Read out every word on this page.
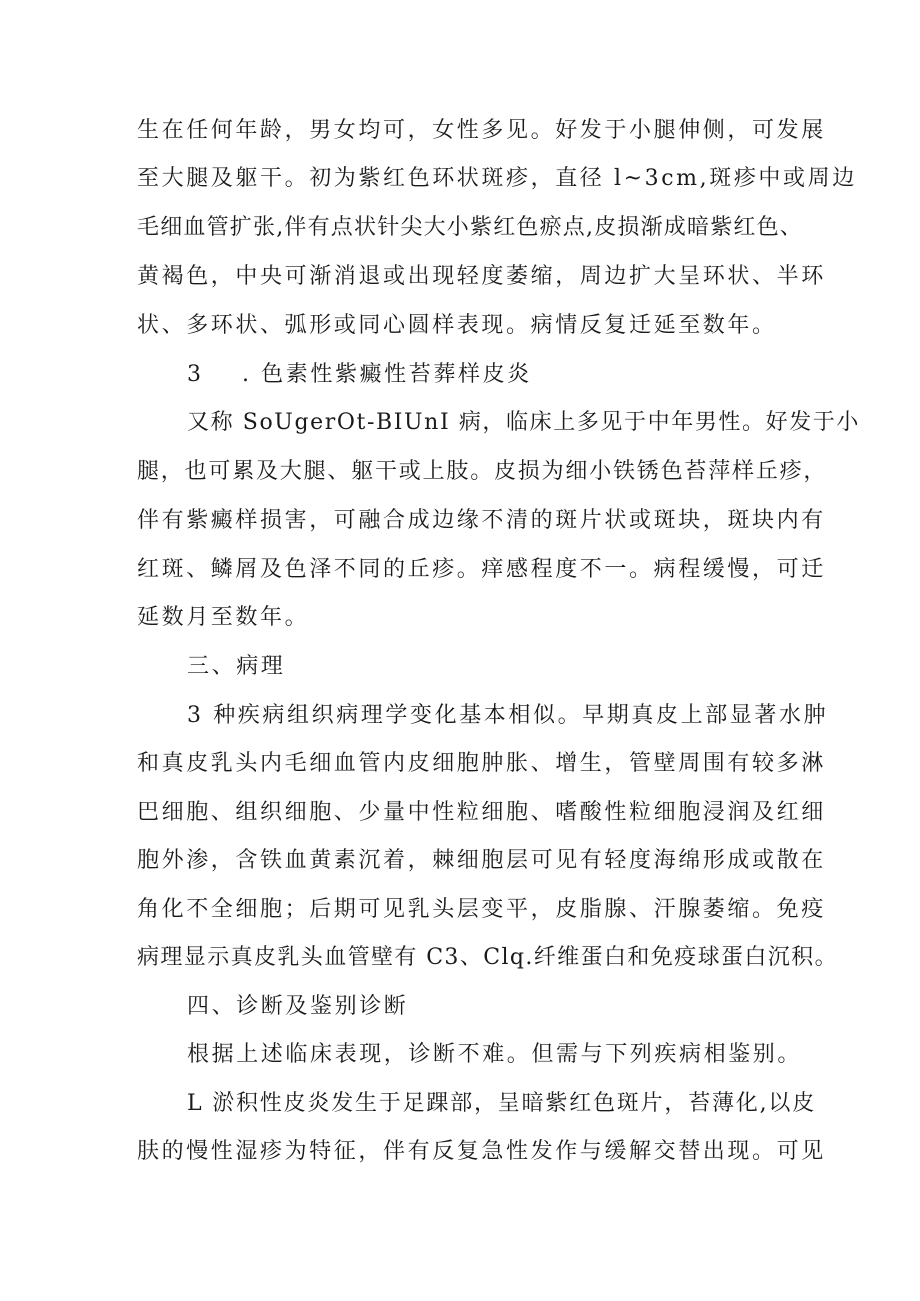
生在任何年龄，男女均可，女性多见。好发于小腿伸侧，可发展
至大腿及躯干。初为紫红色环状斑疹，直径 l~3cm,斑疹中或周边
毛细血管扩张,伴有点状针尖大小紫红色瘀点,皮损渐成暗紫红色、
黄褐色，中央可渐消退或出现轻度萎缩，周边扩大呈环状、半环
状、多环状、弧形或同心圆样表现。病情反复迁延至数年。
3 . 色素性紫癜性苔葬样皮炎
又称 SoUgerOt-BIUnI 病，临床上多见于中年男性。好发于小
腿，也可累及大腿、躯干或上肢。皮损为细小铁锈色苔萍样丘疹，
伴有紫癜样损害，可融合成边缘不清的斑片状或斑块，斑块内有
红斑、鳞屑及色泽不同的丘疹。痒感程度不一。病程缓慢，可迁
延数月至数年。
三、病理
3 种疾病组织病理学变化基本相似。早期真皮上部显著水肿
和真皮乳头内毛细血管内皮细胞肿胀、增生，管壁周围有较多淋
巴细胞、组织细胞、少量中性粒细胞、嗜酸性粒细胞浸润及红细
胞外渗，含铁血黄素沉着，棘细胞层可见有轻度海绵形成或散在
角化不全细胞；后期可见乳头层变平，皮脂腺、汗腺萎缩。免疫
病理显示真皮乳头血管壁有 C3、Clq.纤维蛋白和免疫球蛋白沉积。
四、诊断及鉴别诊断
根据上述临床表现，诊断不难。但需与下列疾病相鉴别。
L 淤积性皮炎发生于足踝部，呈暗紫红色斑片，苔薄化,以皮
肤的慢性湿疹为特征，伴有反复急性发作与缓解交替出现。可见
